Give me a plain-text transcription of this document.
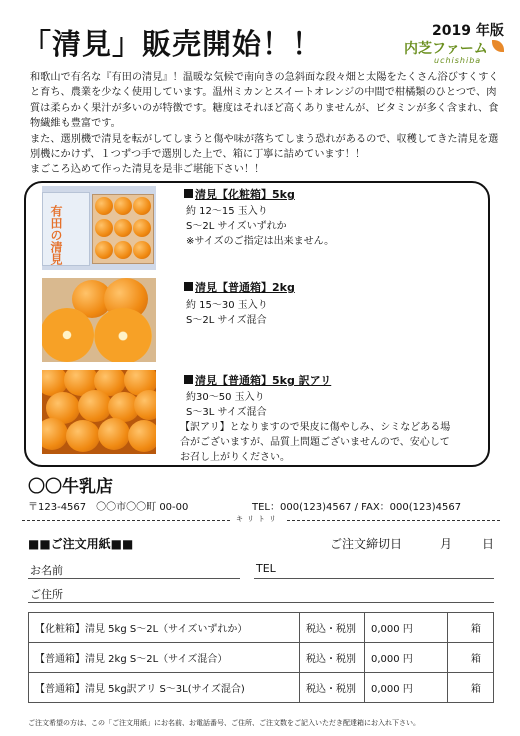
「清見」販売開始！！	2019 年版
内芝ファーム
uchishiba

和歌山で有名な『有田の清見』！温暖な気候で南向きの急斜面な段々畑と太陽をたくさん浴びすくすくと育ち、農業を少なく使用しています。温州ミカンとスイートオレンジの中間で柑橘類のひとつで、肉質は柔らかく果汁が多いのが特徴です。糖度はそれほど高くありませんが、ビタミンが多く含まれ、食物繊維も豊富です。

また、選別機で清見を転がしてしまうと傷や味が落ちてしまう恐れがあるので、収穫してきた清見を選別機にかけず、１つずつ手で選別した上で、箱に丁寧に詰めています！！

まごころ込めて作った清見を是非ご堪能下さい！！

有田の清見
清見【化粧箱】5kg
約 12～15 玉入り
S～2L サイズいずれか
※サイズのご指定は出来ません。
清見【普通箱】2kg
約 15～30 玉入り
S～2L サイズ混合
清見【普通箱】5kg 訳アリ
約30～50 玉入り
S～3L サイズ混合
【訳アリ】となりますので果皮に傷やしみ、シミなどある場
合がございますが、品質上問題ございませんので、安心して
お召し上がりください。
〇〇牛乳店
〒123-4567　〇〇市〇〇町 00-00	TEL：000(123)4567 / FAX：000(123)4567
キリトリ
■■ご注文用紙■■	ご注文締切日	月 日
お名前	TEL
ご住所
【化粧箱】清見 5kg S～2L（サイズいずれか）	税込・税別	0,000 円	箱
【普通箱】清見 2kg S～2L（サイズ混合）	税込・税別	0,000 円	箱
【普通箱】清見 5kg訳アリ S～3L(サイズ混合)	税込・税別	0,000 円	箱
ご注文希望の方は、この「ご注文用紙」にお名前、お電話番号、ご住所、ご注文数をご記入いただき配達箱にお入れ下さい。
